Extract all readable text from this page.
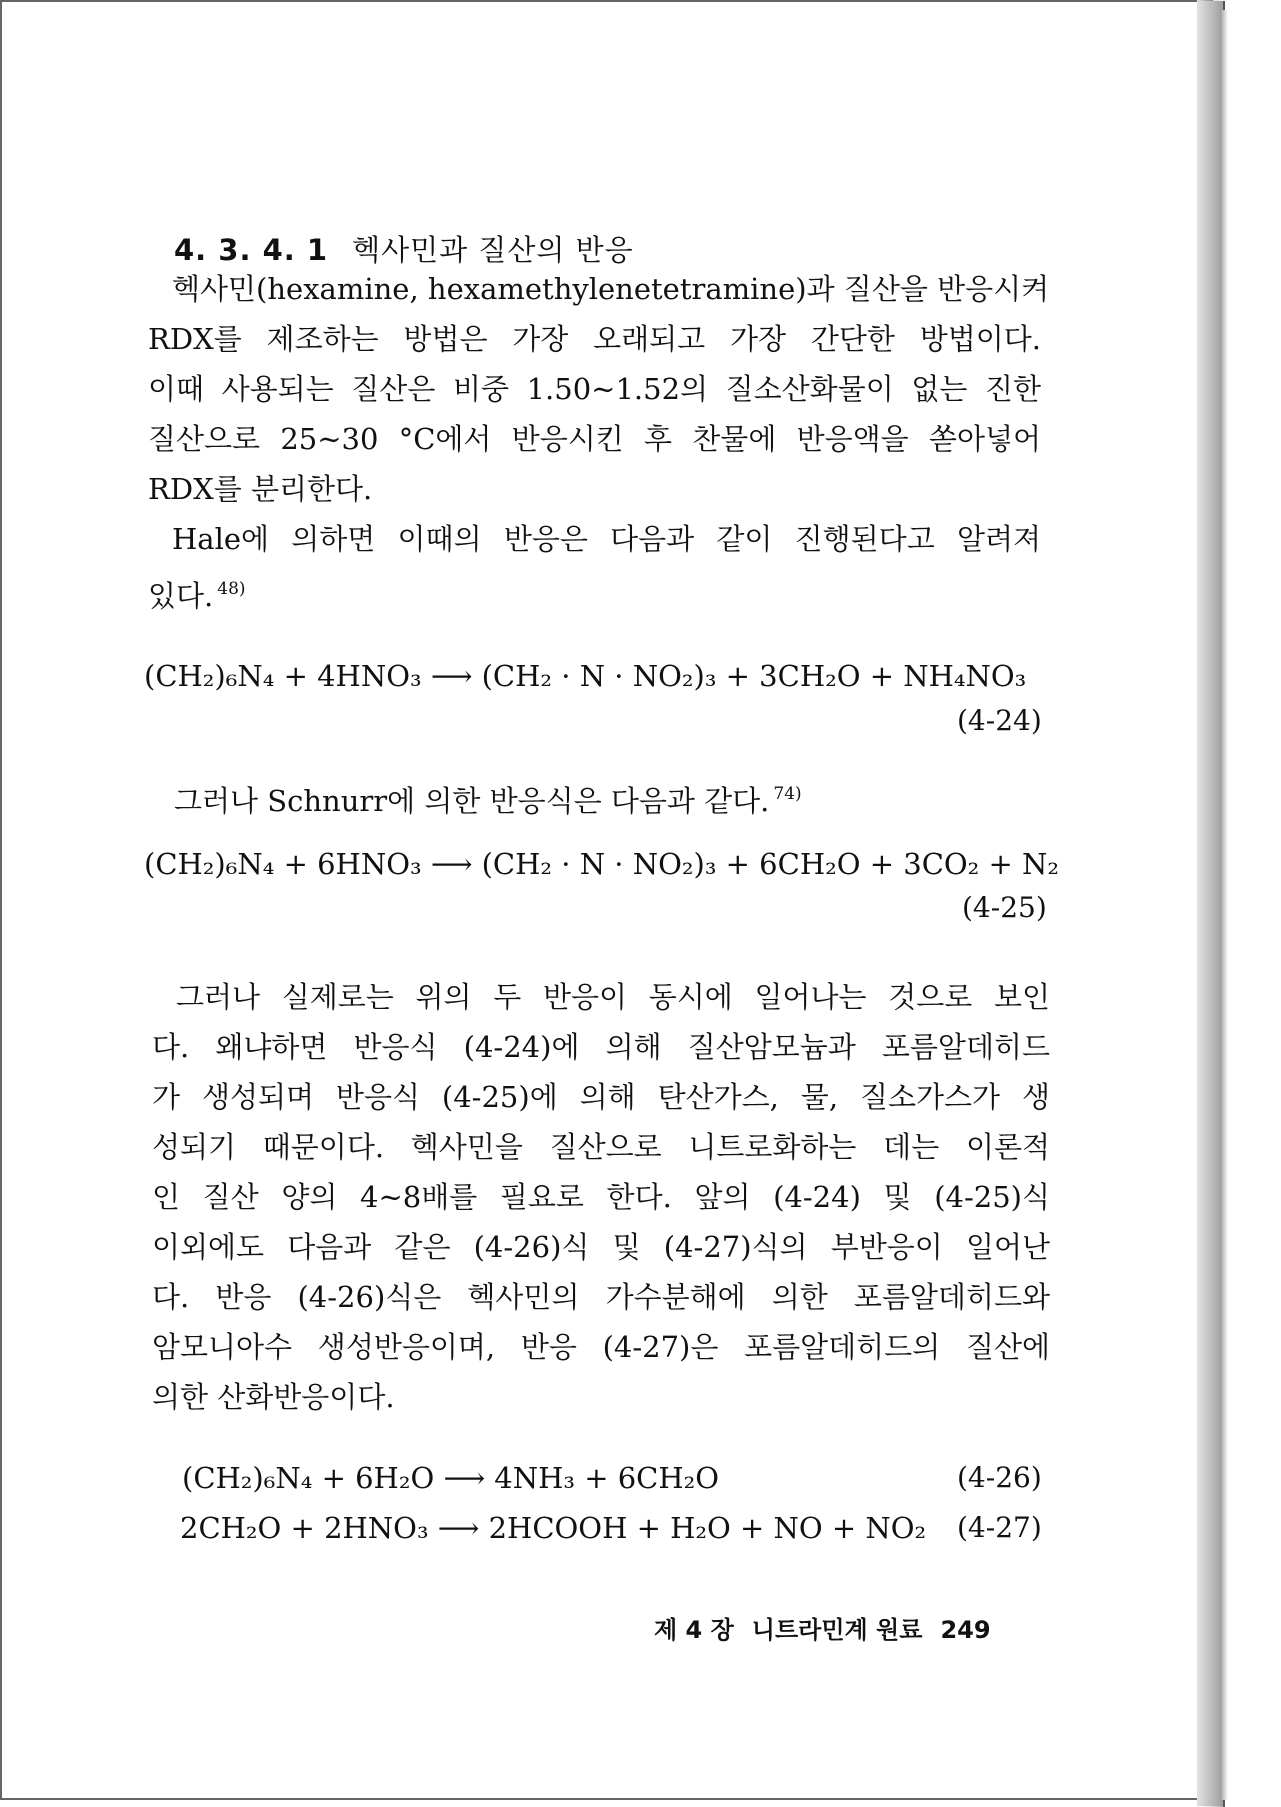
4. 3. 4. 1 헥사민과 질산의 반응
헥사민(hexamine, hexamethylenetetramine)과 질산을 반응시켜
RDX를 제조하는 방법은 가장 오래되고 가장 간단한 방법이다.
이때 사용되는 질산은 비중 1.50∼1.52의 질소산화물이 없는 진한
질산으로 25∼30 °C에서 반응시킨 후 찬물에 반응액을 쏟아넣어
RDX를 분리한다.
Hale에 의하면 이때의 반응은 다음과 같이 진행된다고 알려져
있다. $^{48)}$
(CH₂)₆N₄ + 4HNO₃ ⟶ (CH₂ · N · NO₂)₃ + 3CH₂O + NH₄NO₃
(4-24)
그러나 Schnurr에 의한 반응식은 다음과 같다. $^{74)}$
(CH₂)₆N₄ + 6HNO₃ ⟶ (CH₂ · N · NO₂)₃ + 6CH₂O + 3CO₂ + N₂
(4-25)
그러나 실제로는 위의 두 반응이 동시에 일어나는 것으로 보인
다. 왜냐하면 반응식 (4-24)에 의해 질산암모늄과 포름알데히드
가 생성되며 반응식 (4-25)에 의해 탄산가스, 물, 질소가스가 생
성되기 때문이다. 헥사민을 질산으로 니트로화하는 데는 이론적
인 질산 양의 4∼8배를 필요로 한다. 앞의 (4-24) 및 (4-25)식
이외에도 다음과 같은 (4-26)식 및 (4-27)식의 부반응이 일어난
다. 반응 (4-26)식은 헥사민의 가수분해에 의한 포름알데히드와
암모니아수 생성반응이며, 반응 (4-27)은 포름알데히드의 질산에
의한 산화반응이다.
(CH₂)₆N₄ + 6H₂O ⟶ 4NH₃ + 6CH₂O	(4-26)
2CH₂O + 2HNO₃ ⟶ 2HCOOH + H₂O + NO + NO₂ (4-27)
제 4 장 니트라민계 원료 249
